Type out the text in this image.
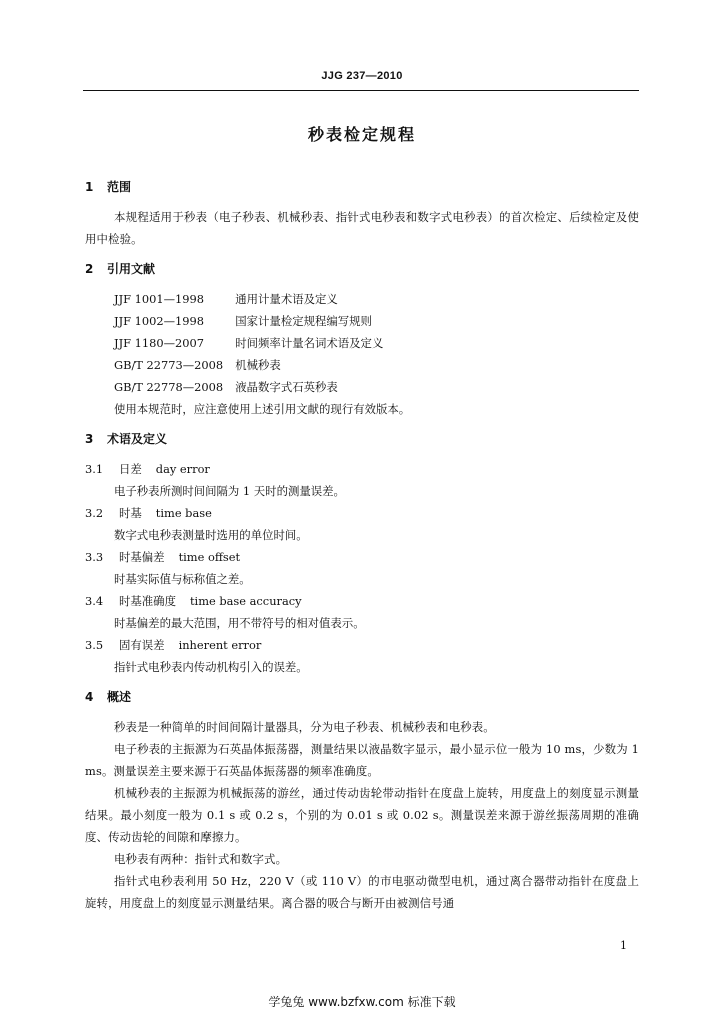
JJG 237—2010
秒表检定规程
1 范围
本规程适用于秒表（电子秒表、机械秒表、指针式电秒表和数字式电秒表）的首次检定、后续检定及使用中检验。
2 引用文献
JJF 1001—1998	通用计量术语及定义
JJF 1002—1998	国家计量检定规程编写规则
JJF 1180—2007	时间频率计量名词术语及定义
GB/T 22773—2008 机械秒表
GB/T 22778—2008 液晶数字式石英秒表
使用本规范时，应注意使用上述引用文献的现行有效版本。
3 术语及定义
3.1 日差 day error
电子秒表所测时间间隔为 1 天时的测量误差。
3.2 时基 time base
数字式电秒表测量时选用的单位时间。
3.3 时基偏差 time offset
时基实际值与标称值之差。
3.4 时基准确度 time base accuracy
时基偏差的最大范围，用不带符号的相对值表示。
3.5 固有误差 inherent error
指针式电秒表内传动机构引入的误差。
4 概述
秒表是一种简单的时间间隔计量器具，分为电子秒表、机械秒表和电秒表。
电子秒表的主振源为石英晶体振荡器，测量结果以液晶数字显示，最小显示位一般为 10 ms，少数为 1 ms。测量误差主要来源于石英晶体振荡器的频率准确度。
机械秒表的主振源为机械振荡的游丝，通过传动齿轮带动指针在度盘上旋转，用度盘上的刻度显示测量结果。最小刻度一般为 0.1 s 或 0.2 s，个别的为 0.01 s 或 0.02 s。测量误差来源于游丝振荡周期的准确度、传动齿轮的间隙和摩擦力。
电秒表有两种：指针式和数字式。
指针式电秒表利用 50 Hz，220 V（或 110 V）的市电驱动微型电机，通过离合器带动指针在度盘上旋转，用度盘上的刻度显示测量结果。离合器的吸合与断开由被测信号通
1
学兔兔 www.bzfxw.com 标准下载
